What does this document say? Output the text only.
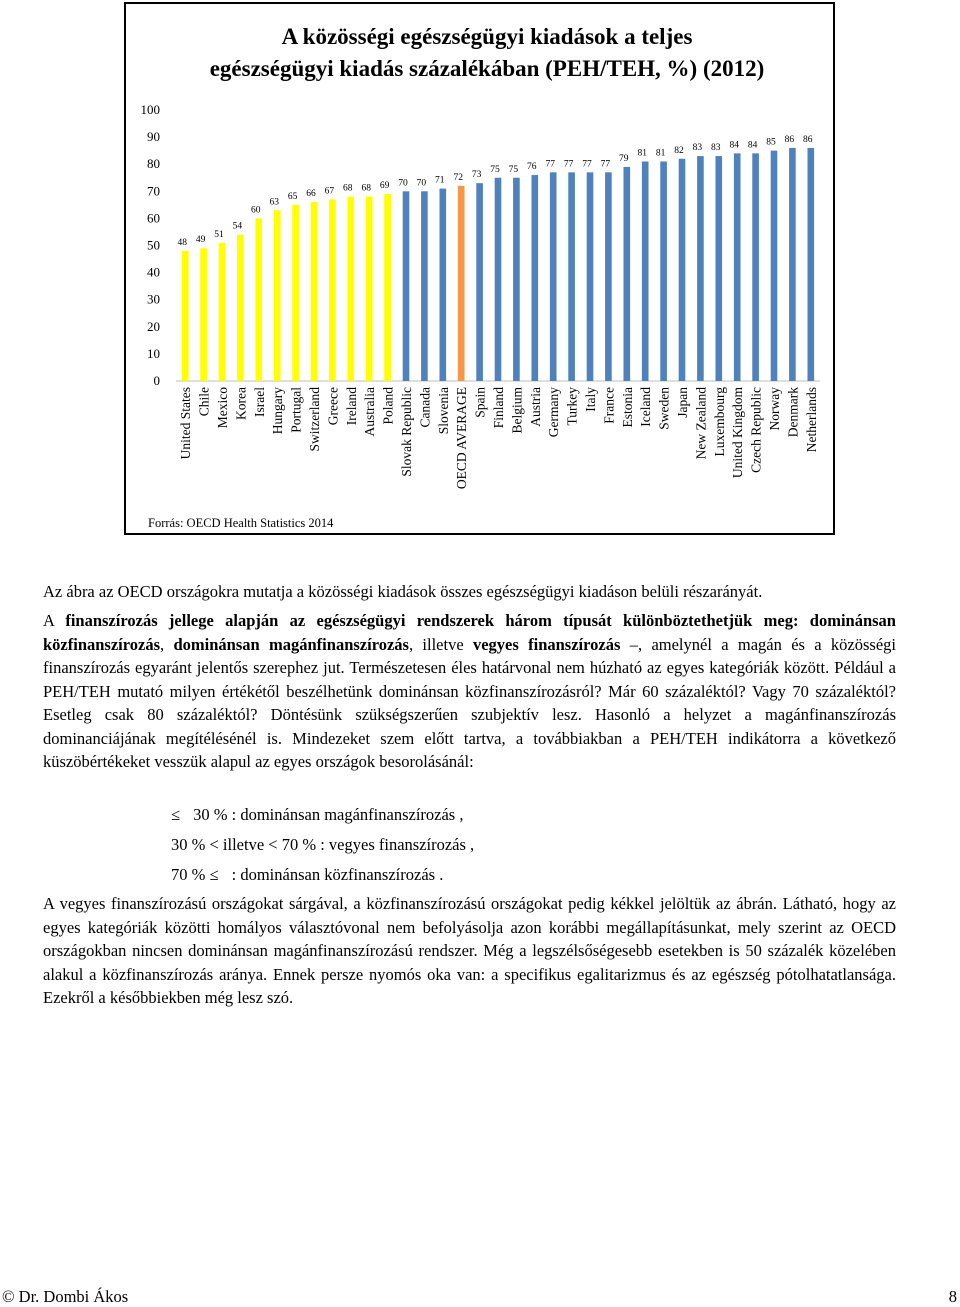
A közösségi egészségügyi kiadások a teljes
egészségügyi kiadás százalékában (PEH/TEH, %) (2012)
0
10
20
30
40
50
60
70
80
90
100
48 49
51
54
60
63
65 66 67 68 68 69 70 70 71 72 73
75 75 76 77 77 77 77
79
81 81 82 83 83 84 84 85 86 86
United States Chile Mexico Korea Israel Hungary Portugal Switzerland Greece Ireland Australia Poland Slovak Republic Canada Slovenia OECD AVERAGE Spain Finland Belgium Austria Germany Turkey Italy France Estonia Iceland Sweden Japan New Zealand Luxembourg United Kingdom Czech Republic Norway Denmark Netherlands
Forrás: OECD Health Statistics 2014
Az ábra az OECD országokra mutatja a közösségi kiadások összes egészségügyi kiadáson belüli részarányát.

A finanszírozás jellege alapján az egészségügyi rendszerek három típusát különböztethetjük meg: dominánsan közfinanszírozás, dominánsan magánfinanszírozás, illetve vegyes finanszírozás –, amelynél a magán és a közösségi finanszírozás egyaránt jelentős szerephez jut. Természetesen éles határvonal nem húzható az egyes kategóriák között. Például a PEH/TEH mutató milyen értékétől beszélhetünk dominánsan közfinanszírozásról? Már 60 százaléktól? Vagy 70 százaléktól? Esetleg csak 80 százaléktól? Döntésünk szükségszerűen szubjektív lesz. Hasonló a helyzet a magánfinanszírozás dominanciájának megítélésénél is. Mindezeket szem előtt tartva, a továbbiakban a PEH/TEH indikátorra a következő küszöbértékeket vesszük alapul az egyes országok besorolásánál:

≤ 30 % : dominánsan magánfinanszírozás ,
30 % < illetve < 70 % : vegyes finanszírozás ,
70 % ≤ : dominánsan közfinanszírozás .
A vegyes finanszírozású országokat sárgával, a közfinanszírozású országokat pedig kékkel jelöltük az ábrán. Látható, hogy az egyes kategóriák közötti homályos választóvonal nem befolyásolja azon korábbi megállapításunkat, mely szerint az OECD országokban nincsen dominánsan magánfinanszírozású rendszer. Még a legszélsőségesebb esetekben is 50 százalék közelében alakul a közfinanszírozás aránya. Ennek persze nyomós oka van: a specifikus egalitarizmus és az egészség pótolhatatlansága. Ezekről a későbbiekben még lesz szó.
© Dr. Dombi Ákos	8
